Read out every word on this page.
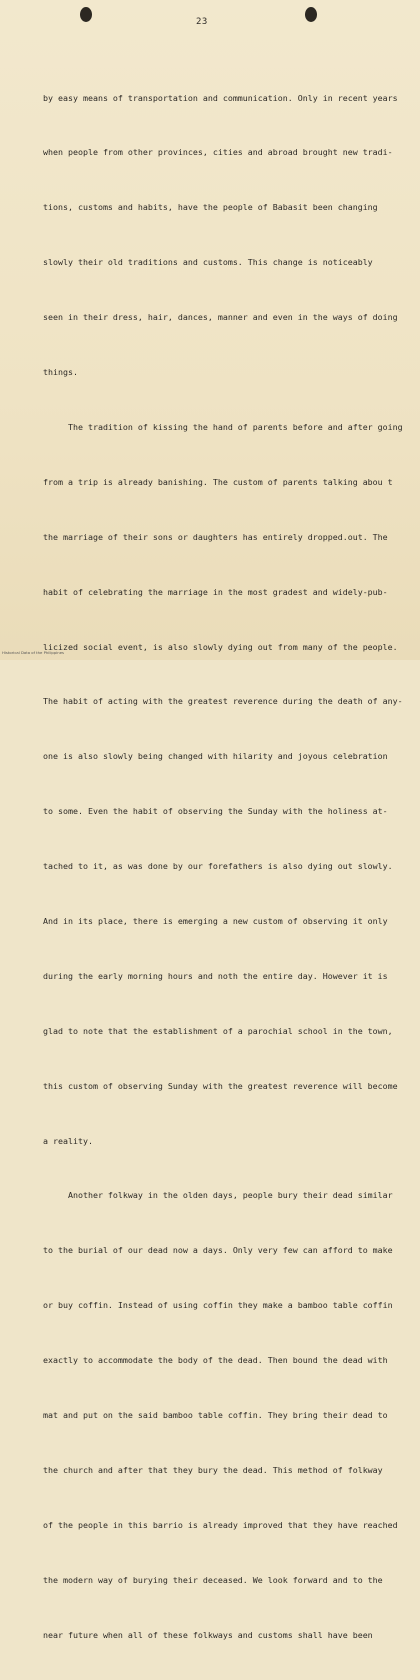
23

by easy means of transportation and communication. Only in recent years

when people from other provinces, cities and abroad brought new tradi-

tions, customs and habits, have the people of Babasit been changing

slowly their old traditions and customs. This change is noticeably

seen in their dress, hair, dances, manner and even in the ways of doing

things.

The tradition of kissing the hand of parents before and after going

from a trip is already banishing. The custom of parents talking abou t

the marriage of their sons or daughters has entirely dropped.out. The

habit of celebrating the marriage in the most gradest and widely-pub-

licized social event, is also slowly dying out from many of the people.

The habit of acting with the greatest reverence during the death of any-

one is also slowly being changed with hilarity and joyous celebration

to some. Even the habit of observing the Sunday with the holiness at-

tached to it, as was done by our forefathers is also dying out slowly.

And in its place, there is emerging a new custom of observing it only

during the early morning hours and noth the entire day. However it is

glad to note that the establishment of a parochial school in the town,

this custom of observing Sunday with the greatest reverence will become

a reality.

Another folkway in the olden days, people bury their dead similar

to the burial of our dead now a days. Only very few can afford to make

or buy coffin. Instead of using coffin they make a bamboo table coffin

exactly to accommodate the body of the dead. Then bound the dead with

mat and put on the said bamboo table coffin. They bring their dead to

the church and after that they bury the dead. This method of folkway

of the people in this barrio is already improved that they have reached

the modern way of burying their deceased. We look forward and to the

near future when all of these folkways and customs shall have been

Historical Data of the Philippines
